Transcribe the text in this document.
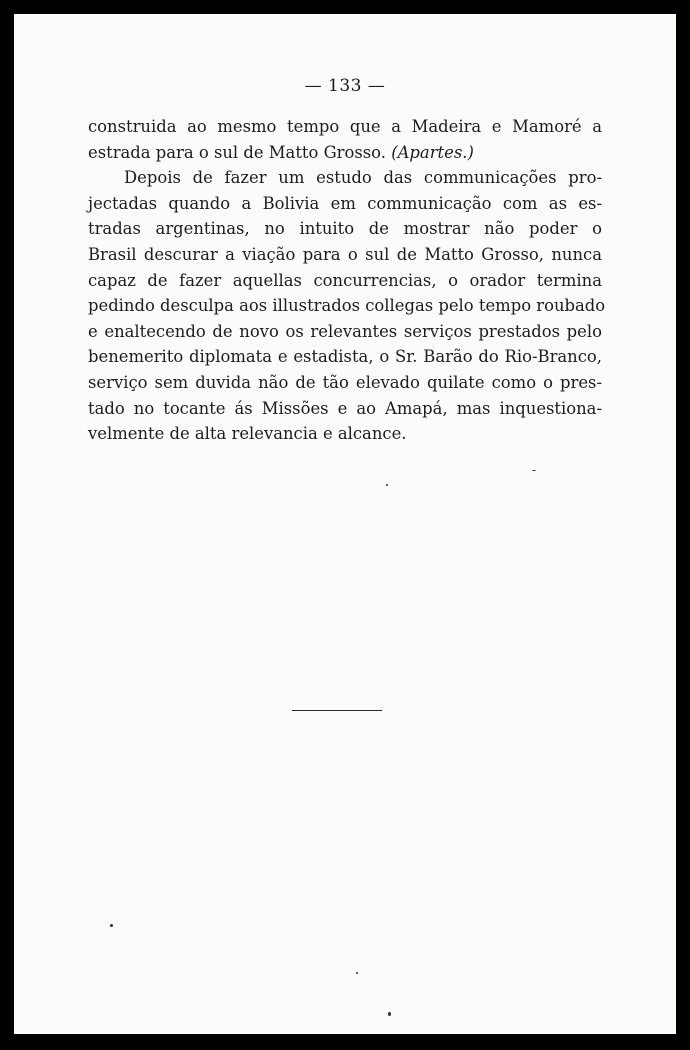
— 133 —
construida ao mesmo tempo que a Madeira e Mamoré a
estrada para o sul de Matto Grosso. (Apartes.)
Depois de fazer um estudo das communicações pro-
jectadas quando a Bolivia em communicação com as es-
tradas argentinas, no intuito de mostrar não poder o
Brasil descurar a viação para o sul de Matto Grosso, nunca
capaz de fazer aquellas concurrencias, o orador termina
pedindo desculpa aos illustrados collegas pelo tempo roubado
e enaltecendo de novo os relevantes serviços prestados pelo
benemerito diplomata e estadista, o Sr. Barão do Rio-Branco,
serviço sem duvida não de tão elevado quilate como o pres-
tado no tocante ás Missões e ao Amapá, mas inquestiona-
velmente de alta relevancia e alcance.
